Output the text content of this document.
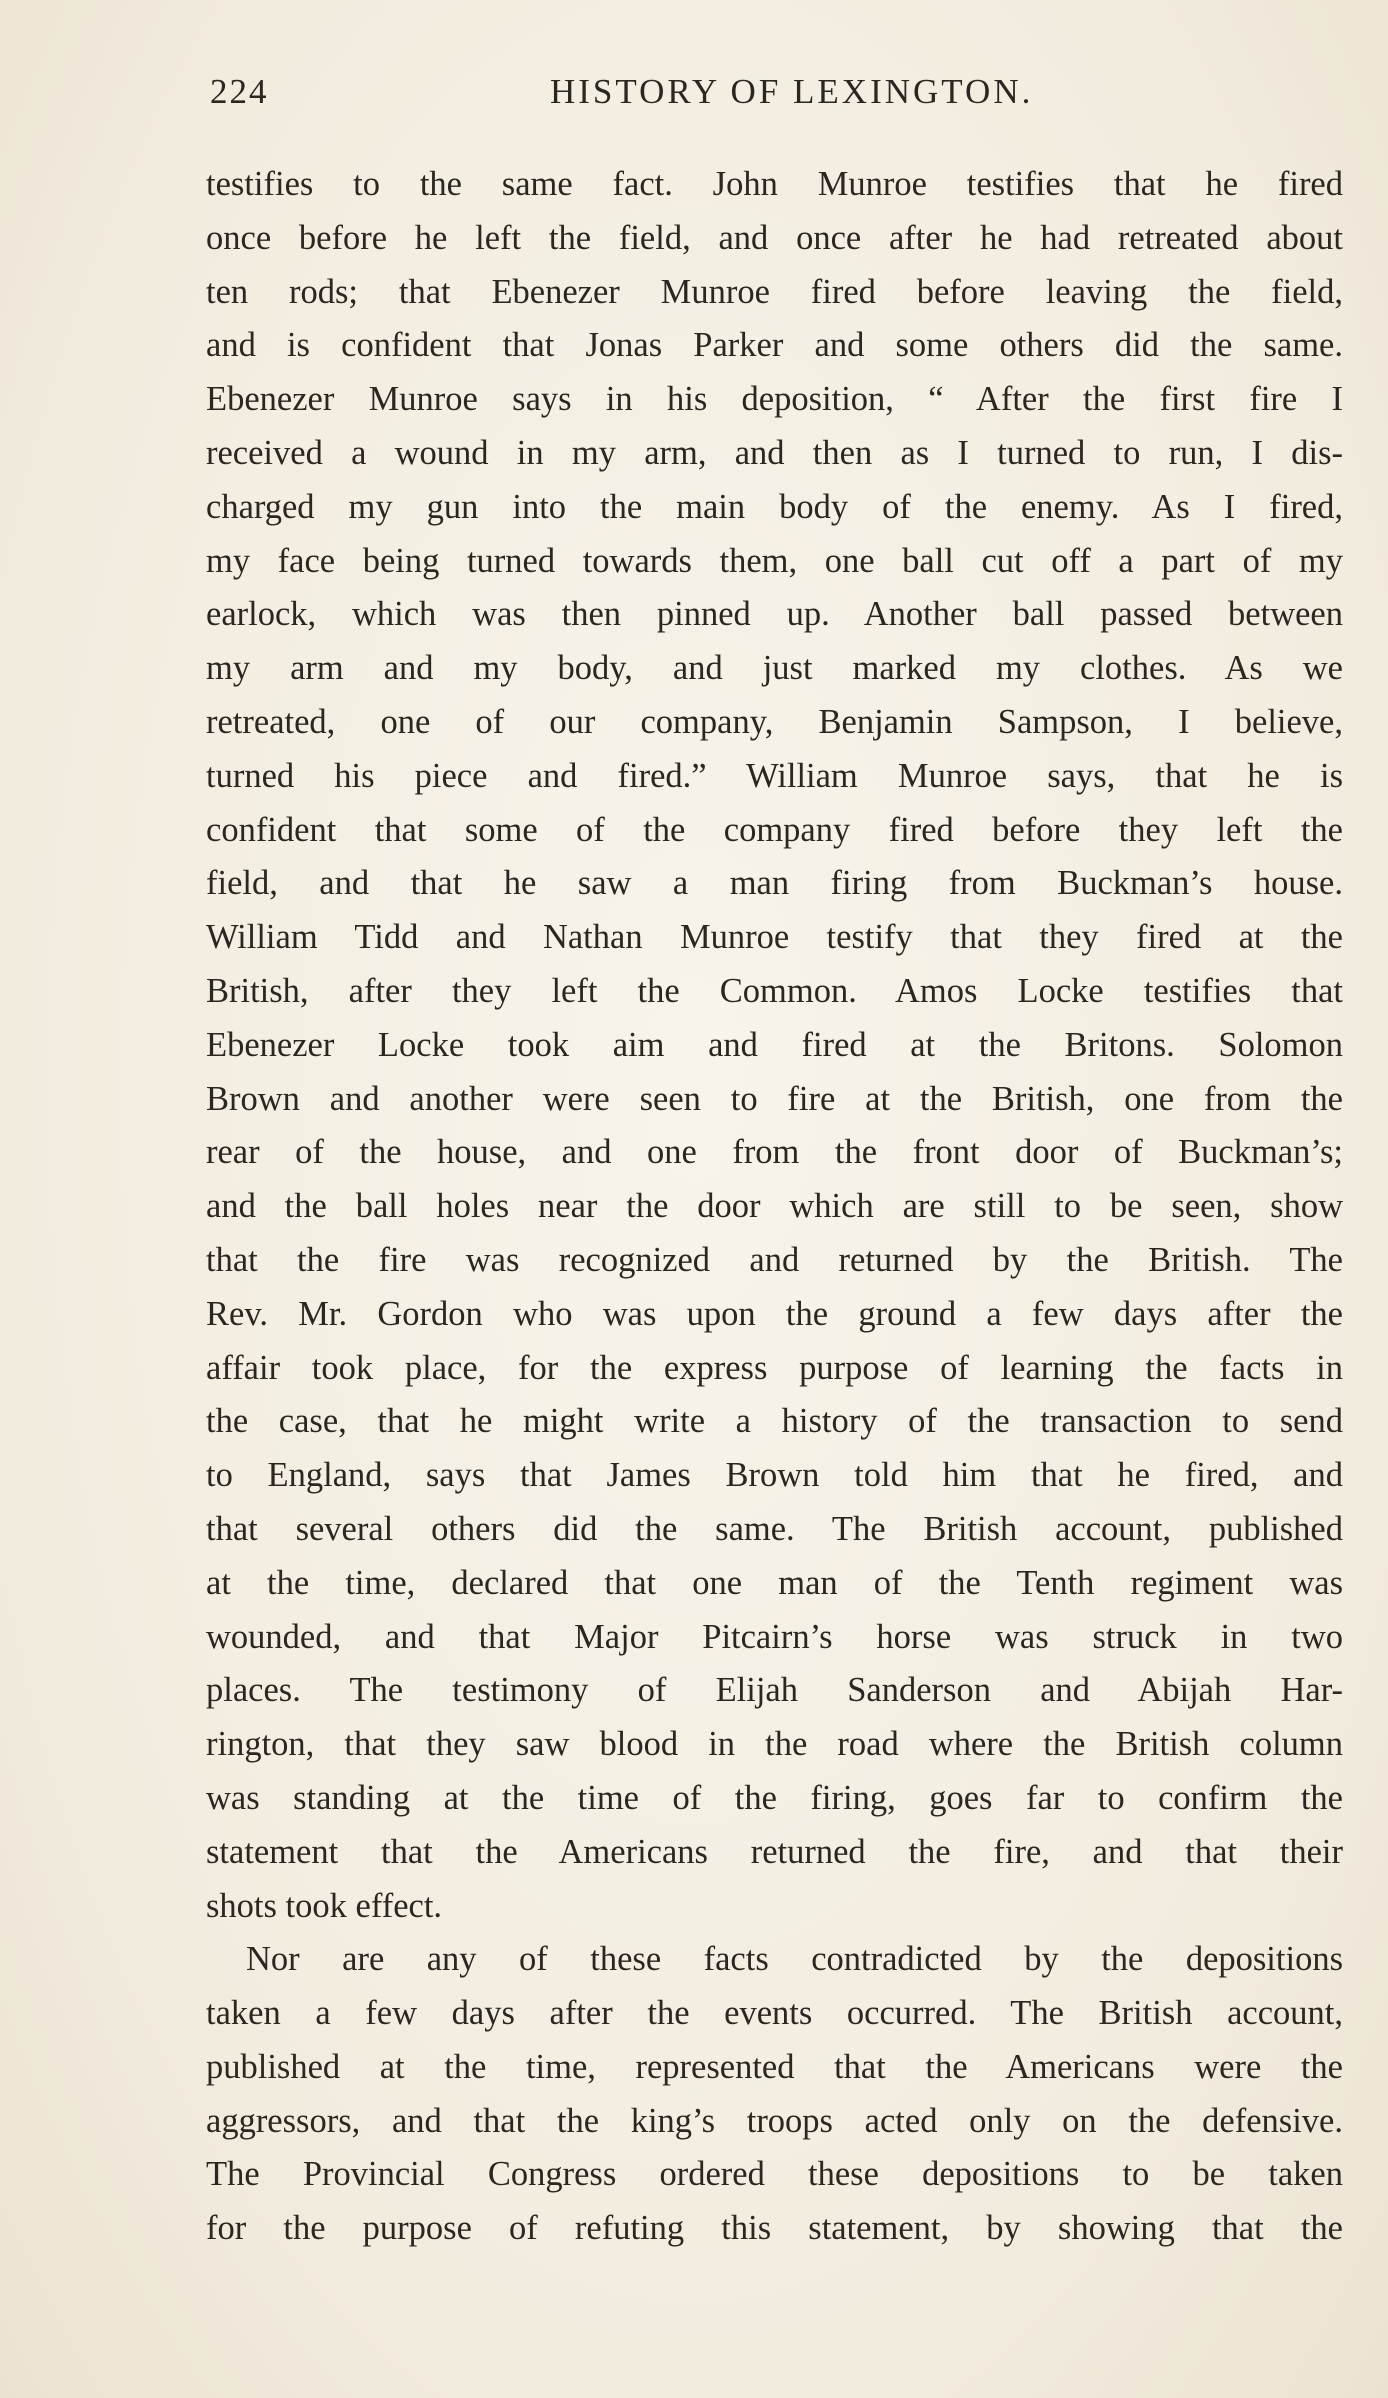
224	HISTORY OF LEXINGTON.
testifies to the same fact. John Munroe testifies that he fired
once before he left the field, and once after he had retreated about
ten rods; that Ebenezer Munroe fired before leaving the field,
and is confident that Jonas Parker and some others did the same.
Ebenezer Munroe says in his deposition, “ After the first fire I
received a wound in my arm, and then as I turned to run, I dis-
charged my gun into the main body of the enemy. As I fired,
my face being turned towards them, one ball cut off a part of my
earlock, which was then pinned up. Another ball passed between
my arm and my body, and just marked my clothes. As we
retreated, one of our company, Benjamin Sampson, I believe,
turned his piece and fired.” William Munroe says, that he is
confident that some of the company fired before they left the
field, and that he saw a man firing from Buckman’s house.
William Tidd and Nathan Munroe testify that they fired at the
British, after they left the Common. Amos Locke testifies that
Ebenezer Locke took aim and fired at the Britons. Solomon
Brown and another were seen to fire at the British, one from the
rear of the house, and one from the front door of Buckman’s;
and the ball holes near the door which are still to be seen, show
that the fire was recognized and returned by the British. The
Rev. Mr. Gordon who was upon the ground a few days after the
affair took place, for the express purpose of learning the facts in
the case, that he might write a history of the transaction to send
to England, says that James Brown told him that he fired, and
that several others did the same. The British account, published
at the time, declared that one man of the Tenth regiment was
wounded, and that Major Pitcairn’s horse was struck in two
places. The testimony of Elijah Sanderson and Abijah Har-
rington, that they saw blood in the road where the British column
was standing at the time of the firing, goes far to confirm the
statement that the Americans returned the fire, and that their
shots took effect.
Nor are any of these facts contradicted by the depositions
taken a few days after the events occurred. The British account,
published at the time, represented that the Americans were the
aggressors, and that the king’s troops acted only on the defensive.
The Provincial Congress ordered these depositions to be taken
for the purpose of refuting this statement, by showing that the
